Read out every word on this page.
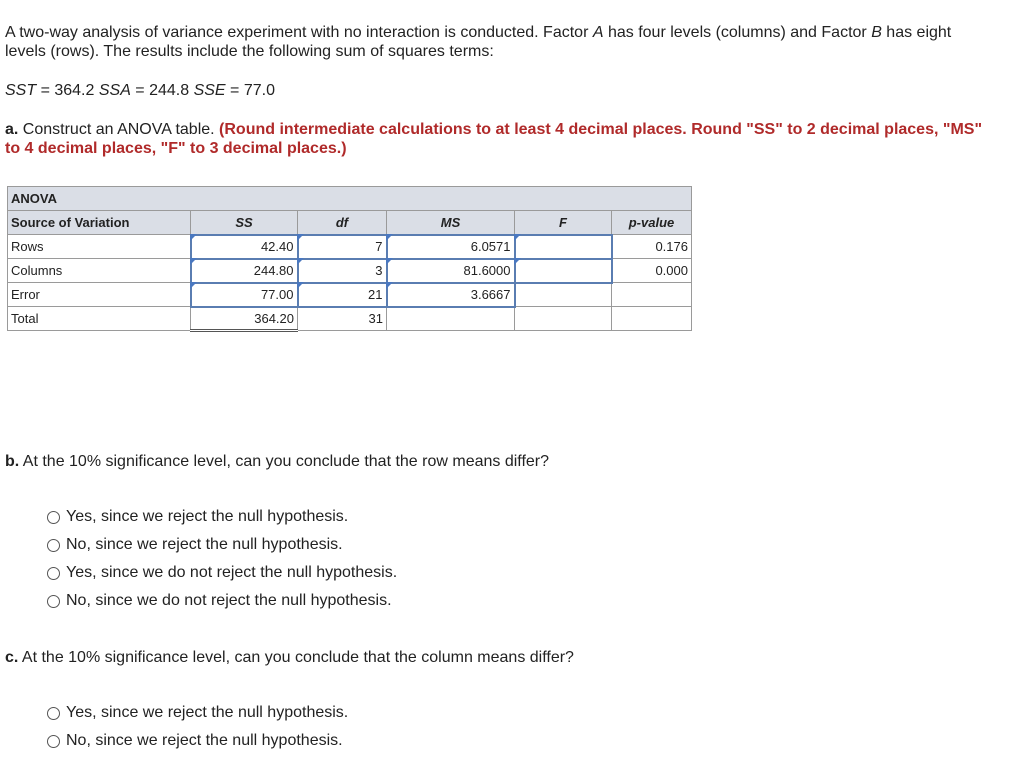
A two-way analysis of variance experiment with no interaction is conducted. Factor A has four levels (columns) and Factor B has eight
levels (rows). The results include the following sum of squares terms:
SST = 364.2 SSA = 244.8 SSE = 77.0
a. Construct an ANOVA table. (Round intermediate calculations to at least 4 decimal places. Round "SS" to 2 decimal places, "MS"
to 4 decimal places, "F" to 3 decimal places.)
ANOVA					
Source of Variation	SS	df	MS	F	p-value
Rows	42.40	7	6.0571		0.176
Columns	244.80	3	81.6000		0.000
Error	77.00	21	3.6667		
Total	364.20	31			
b. At the 10% significance level, can you conclude that the row means differ?
Yes, since we reject the null hypothesis.
No, since we reject the null hypothesis.
Yes, since we do not reject the null hypothesis.
No, since we do not reject the null hypothesis.
c. At the 10% significance level, can you conclude that the column means differ?
Yes, since we reject the null hypothesis.
No, since we reject the null hypothesis.
